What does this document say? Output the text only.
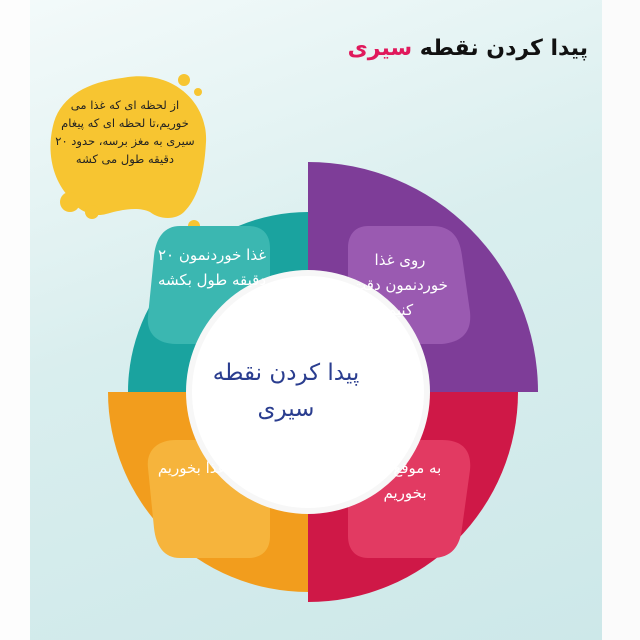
پیدا کردن نقطه سیری
از لحظه ای که غذا می خوریم،تا لحظه ای که پیغام سیری به مغز برسه، حدود ۲۰ دقیقه طول می کشه
پیدا کردن نقطه
سیری
روی غذا خوردنمون دقت کنیم
غذا خوردنمون ۲۰ دقیقه طول بکشه
آروم غذا بخوریم	به موقع غذا بخوریم
